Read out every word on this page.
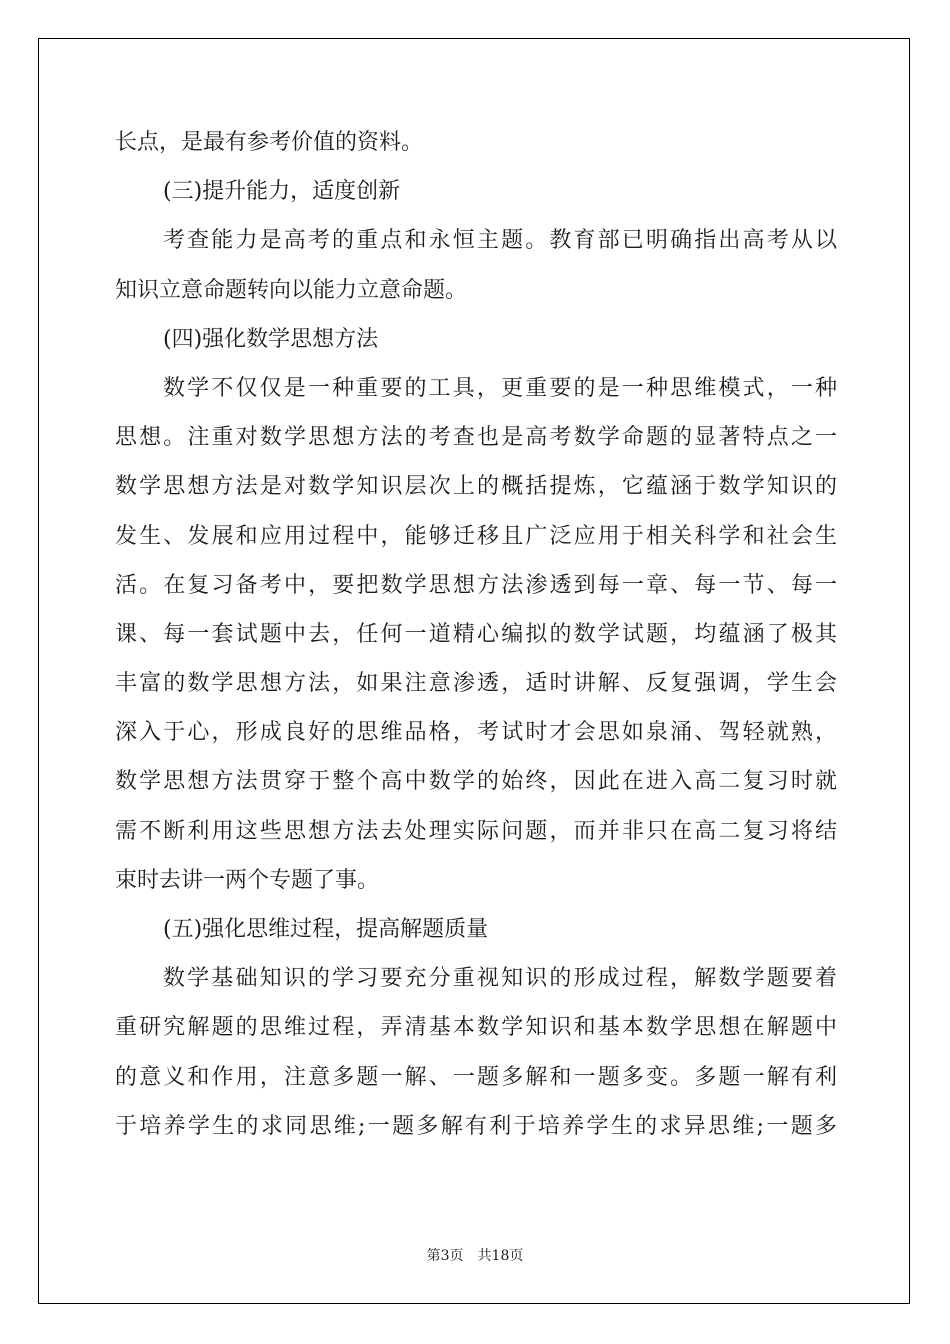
长点，是最有参考价值的资料。
(三)提升能力，适度创新
考查能力是高考的重点和永恒主题。教育部已明确指出高考从以
知识立意命题转向以能力立意命题。
(四)强化数学思想方法
数学不仅仅是一种重要的工具，更重要的是一种思维模式，一种
思想。注重对数学思想方法的考查也是高考数学命题的显著特点之一
数学思想方法是对数学知识层次上的概括提炼，它蕴涵于数学知识的
发生、发展和应用过程中，能够迁移且广泛应用于相关科学和社会生
活。在复习备考中，要把数学思想方法渗透到每一章、每一节、每一
课、每一套试题中去，任何一道精心编拟的数学试题，均蕴涵了极其
丰富的数学思想方法，如果注意渗透，适时讲解、反复强调，学生会
深入于心，形成良好的思维品格，考试时才会思如泉涌、驾轻就熟，
数学思想方法贯穿于整个高中数学的始终，因此在进入高二复习时就
需不断利用这些思想方法去处理实际问题，而并非只在高二复习将结
束时去讲一两个专题了事。
(五)强化思维过程，提高解题质量
数学基础知识的学习要充分重视知识的形成过程，解数学题要着
重研究解题的思维过程，弄清基本数学知识和基本数学思想在解题中
的意义和作用，注意多题一解、一题多解和一题多变。多题一解有利
于培养学生的求同思维;一题多解有利于培养学生的求异思维;一题多
第3页 共18页
